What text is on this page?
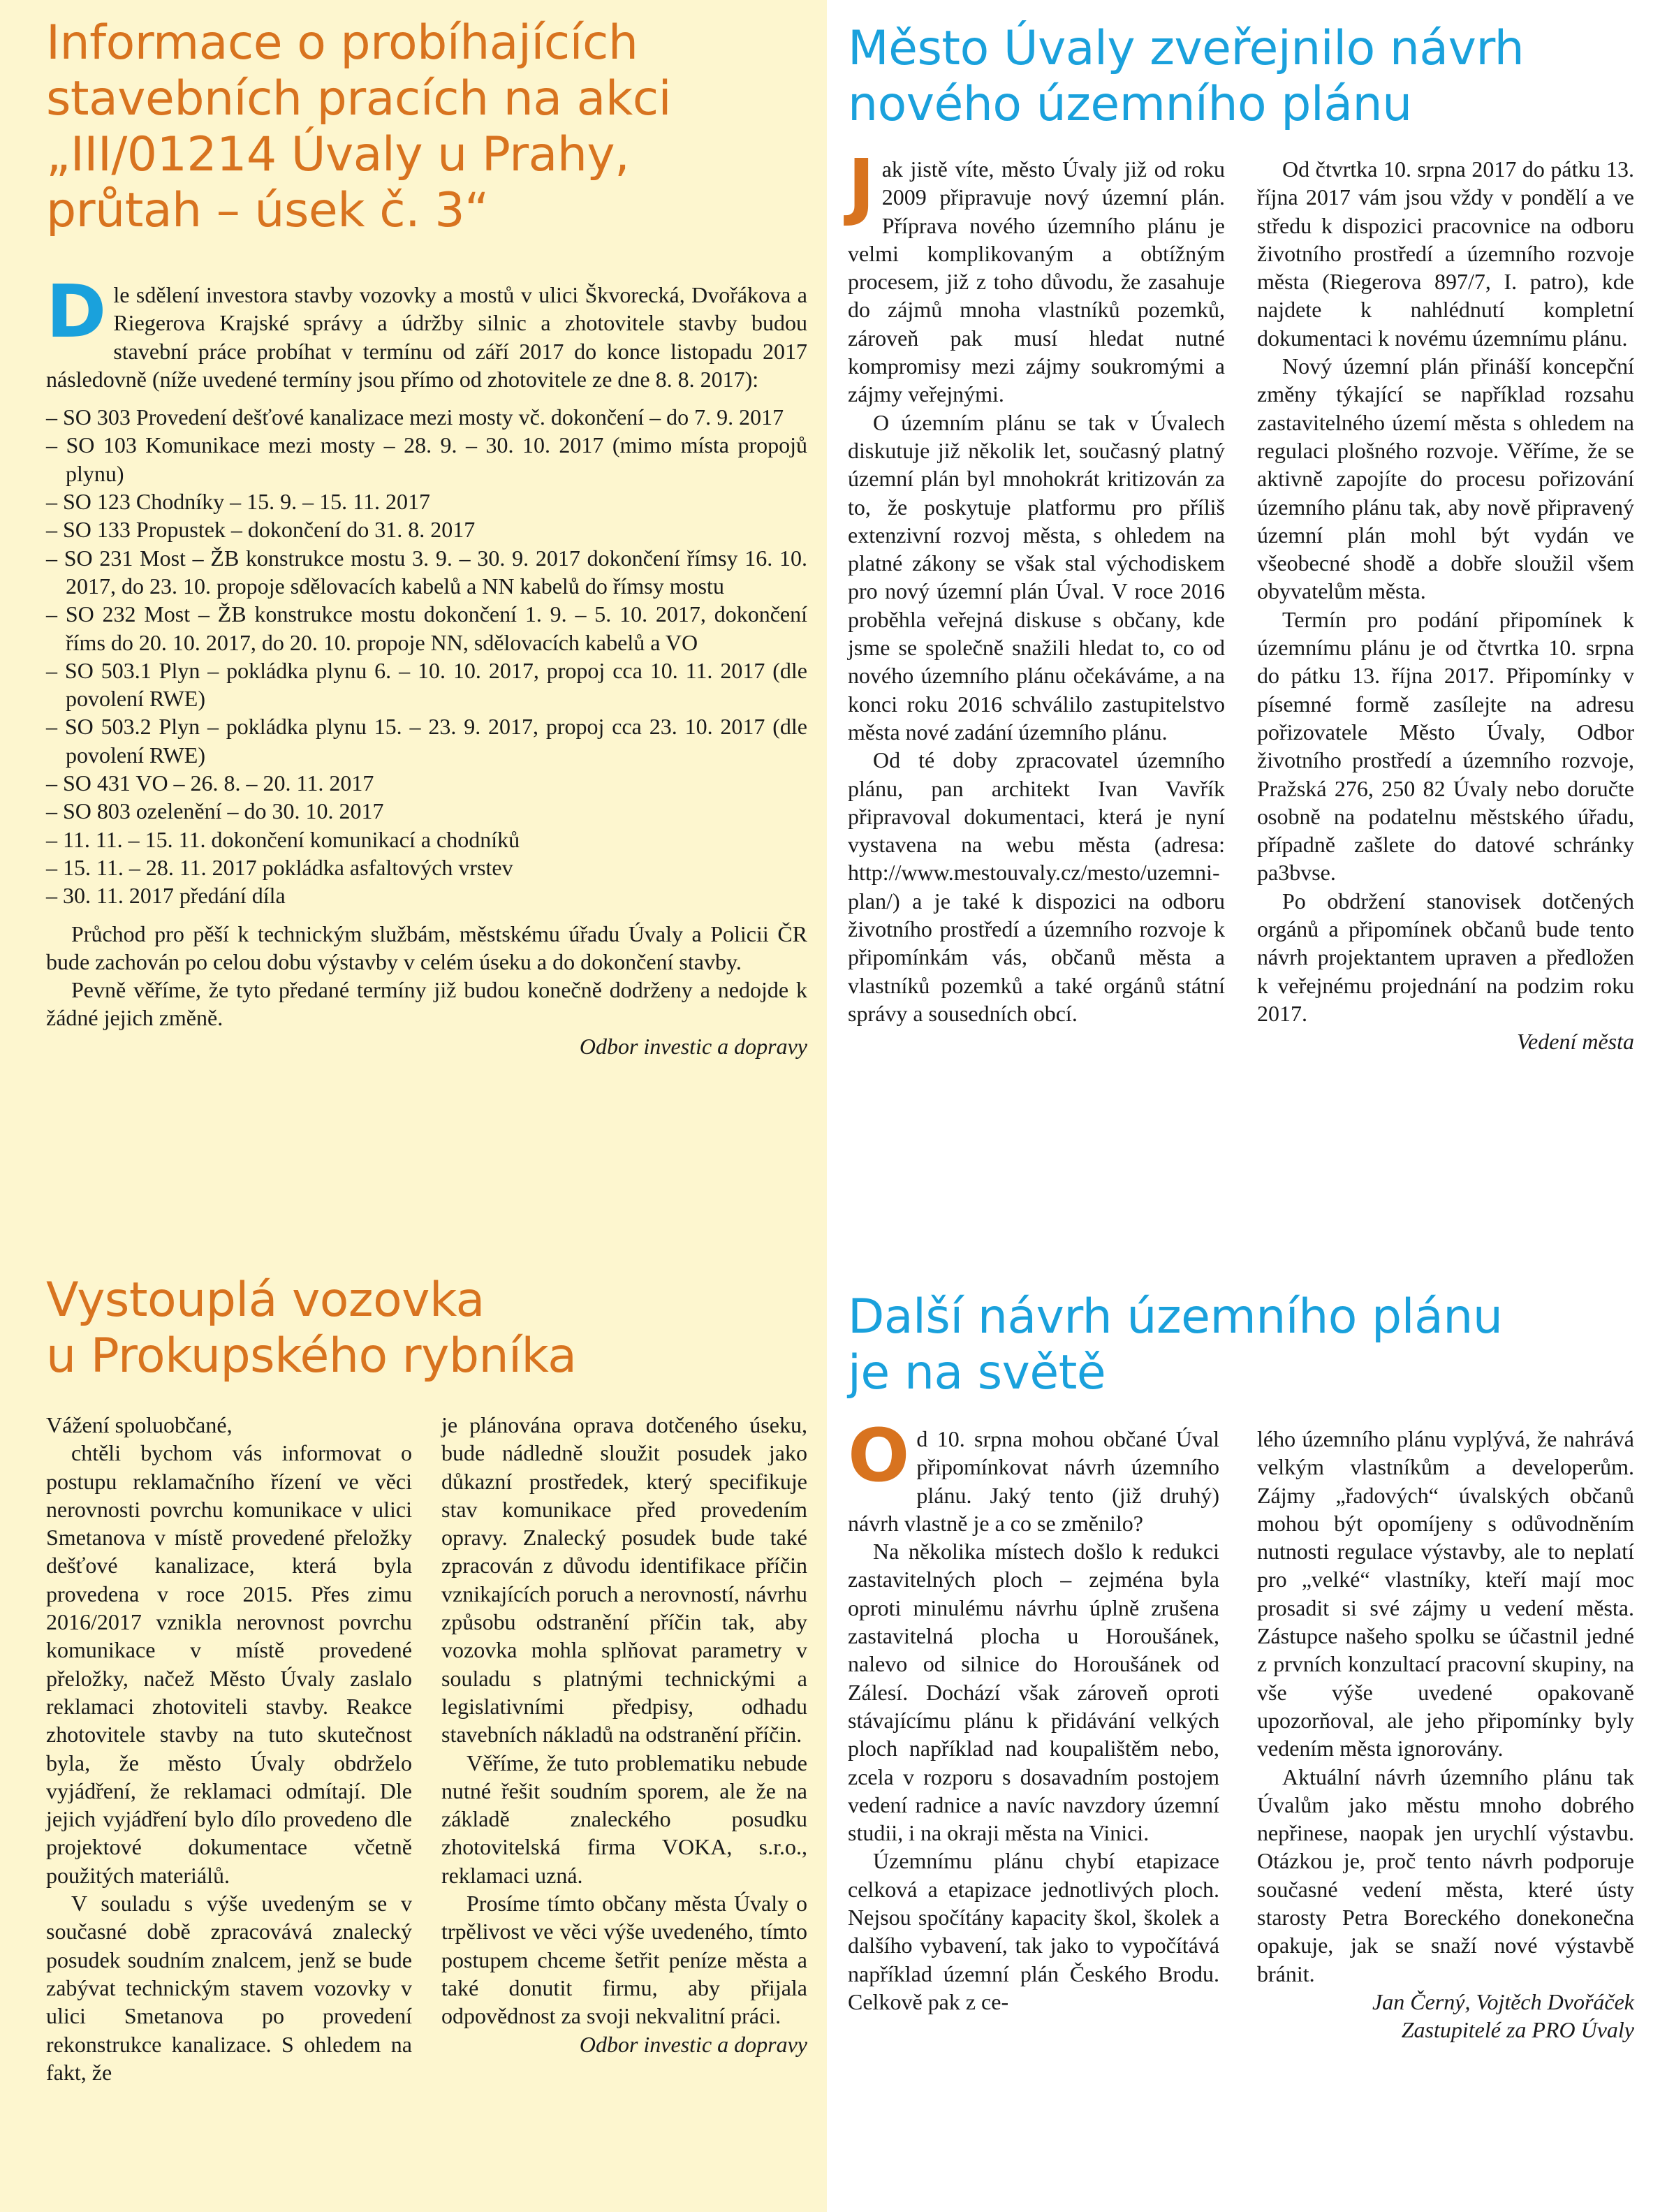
Informace o probíhajících
stavebních pracích na akci
„III/01214 Úvaly u Prahy,
průtah – úsek č. 3“

Dle sdělení investora stavby vozovky a mostů v ulici Škvorecká, Dvořákova a Riegerova Krajské správy a údržby silnic a zhotovitele stavby budou stavební práce probíhat v termínu od září 2017 do konce listopadu 2017 následovně (níže uvedené termíny jsou přímo od zhotovitele ze dne 8. 8. 2017):

– SO 303 Provedení dešťové kanalizace mezi mosty vč. dokončení – do 7. 9. 2017
– SO 103 Komunikace mezi mosty – 28. 9. – 30. 10. 2017 (mimo místa propojů plynu)
– SO 123 Chodníky – 15. 9. – 15. 11. 2017
– SO 133 Propustek – dokončení do 31. 8. 2017
– SO 231 Most – ŽB konstrukce mostu 3. 9. – 30. 9. 2017 dokončení římsy 16. 10. 2017, do 23. 10. propoje sdělovacích kabelů a NN kabelů do římsy mostu
– SO 232 Most – ŽB konstrukce mostu dokončení 1. 9. – 5. 10. 2017, dokončení říms do 20. 10. 2017, do 20. 10. propoje NN, sdělovacích kabelů a VO
– SO 503.1 Plyn – pokládka plynu 6. – 10. 10. 2017, propoj cca 10. 11. 2017 (dle povolení RWE)
– SO 503.2 Plyn – pokládka plynu 15. – 23. 9. 2017, propoj cca 23. 10. 2017 (dle povolení RWE)
– SO 431 VO – 26. 8. – 20. 11. 2017
– SO 803 ozelenění – do 30. 10. 2017
– 11. 11. – 15. 11. dokončení komunikací a chodníků
– 15. 11. – 28. 11. 2017 pokládka asfaltových vrstev
– 30. 11. 2017 předání díla

Průchod pro pěší k technickým službám, městskému úřadu Úvaly a Policii ČR bude zachován po celou dobu výstavby v celém úseku a do dokončení stavby.

Pevně věříme, že tyto předané termíny již budou konečně dodrženy a nedojde k žádné jejich změně.

Odbor investic a dopravy

Město Úvaly zveřejnilo návrh
nového územního plánu

Jak jistě víte, město Úvaly již od roku 2009 připravuje nový územní plán. Příprava nového územního plánu je velmi komplikovaným a obtížným procesem, již z toho důvodu, že zasahuje do zájmů mnoha vlastníků pozemků, zároveň pak musí hledat nutné kompromisy mezi zájmy soukromými a zájmy veřejnými.

O územním plánu se tak v Úvalech diskutuje již několik let, současný platný územní plán byl mnohokrát kritizován za to, že poskytuje platformu pro příliš extenzivní rozvoj města, s ohledem na platné zákony se však stal východiskem pro nový územní plán Úval. V roce 2016 proběhla veřejná diskuse s občany, kde jsme se společně snažili hledat to, co od nového územního plánu očekáváme, a na konci roku 2016 schválilo zastupitelstvo města nové zadání územního plánu.

Od té doby zpracovatel územního plánu, pan architekt Ivan Vavřík připravoval dokumentaci, která je nyní vystavena na webu města (adresa: http://www.mestouvaly.cz/mesto/uzemni-plan/) a je také k dispozici na odboru životního prostředí a územního rozvoje k připomínkám vás, občanů města a vlastníků pozemků a také orgánů státní správy a sousedních obcí.

Od čtvrtka 10. srpna 2017 do pátku 13. října 2017 vám jsou vždy v pondělí a ve středu k dispozici pracovnice na odboru životního prostředí a územního rozvoje města (Riegerova 897/7, I. patro), kde najdete k nahlédnutí kompletní dokumentaci k novému územnímu plánu.

Nový územní plán přináší koncepční změny týkající se například rozsahu zastavitelného území města s ohledem na regulaci plošného rozvoje. Věříme, že se aktivně zapojíte do procesu pořizování územního plánu tak, aby nově připravený územní plán mohl být vydán ve všeobecné shodě a dobře sloužil všem obyvatelům města.

Termín pro podání připomínek k územnímu plánu je od čtvrtka 10. srpna do pátku 13. října 2017. Připomínky v písemné formě zasílejte na adresu pořizovatele Město Úvaly, Odbor životního prostředí a územního rozvoje, Pražská 276, 250 82 Úvaly nebo doručte osobně na podatelnu městského úřadu, případně zašlete do datové schránky pa3bvse.

Po obdržení stanovisek dotčených orgánů a připomínek občanů bude tento návrh projektantem upraven a předložen k veřejnému projednání na podzim roku 2017.

Vedení města

Vystouplá vozovka
u Prokupského rybníka

Vážení spoluobčané,

chtěli bychom vás informovat o postupu reklamačního řízení ve věci nerovnosti povrchu komunikace v ulici Smetanova v místě provedené přeložky dešťové kanalizace, která byla provedena v roce 2015. Přes zimu 2016/2017 vznikla nerovnost povrchu komunikace v místě provedené přeložky, načež Město Úvaly zaslalo reklamaci zhotoviteli stavby. Reakce zhotovitele stavby na tuto skutečnost byla, že město Úvaly obdrželo vyjádření, že reklamaci odmítají. Dle jejich vyjádření bylo dílo provedeno dle projektové dokumentace včetně použitých materiálů.

V souladu s výše uvedeným se v současné době zpracovává znalecký posudek soudním znalcem, jenž se bude zabývat technickým stavem vozovky v ulici Smetanova po provedení rekonstrukce kanalizace. S ohledem na fakt, že

je plánována oprava dotčeného úseku, bude nádledně sloužit posudek jako důkazní prostředek, který specifikuje stav komunikace před provedením opravy. Znalecký posudek bude také zpracován z důvodu identifikace příčin vznikajících poruch a nerovností, návrhu způsobu odstranění příčin tak, aby vozovka mohla splňovat parametry v souladu s platnými technickými a legislativními předpisy, odhadu stavebních nákladů na odstranění příčin.

Věříme, že tuto problematiku nebude nutné řešit soudním sporem, ale že na základě znaleckého posudku zhotovitelská firma VOKA, s.r.o., reklamaci uzná.

Prosíme tímto občany města Úvaly o trpělivost ve věci výše uvedeného, tímto postupem chceme šetřit peníze města a také donutit firmu, aby přijala odpovědnost za svoji nekvalitní práci.

Odbor investic a dopravy

Další návrh územního plánu
je na světě

Od 10. srpna mohou občané Úval připomínkovat návrh územního plánu. Jaký tento (již druhý) návrh vlastně je a co se změnilo?

Na několika místech došlo k redukci zastavitelných ploch – zejména byla oproti minulému návrhu úplně zrušena zastavitelná plocha u Horoušánek, nalevo od silnice do Horoušánek od Zálesí. Dochází však zároveň oproti stávajícímu plánu k přidávání velkých ploch například nad koupalištěm nebo, zcela v rozporu s dosavadním postojem vedení radnice a navíc navzdory územní studii, i na okraji města na Vinici.

Územnímu plánu chybí etapizace celková a etapizace jednotlivých ploch. Nejsou spočítány kapacity škol, školek a dalšího vybavení, tak jako to vypočítává například územní plán Českého Brodu. Celkově pak z ce-

lého územního plánu vyplývá, že nahrává velkým vlastníkům a developerům. Zájmy „řadových“ úvalských občanů mohou být opomíjeny s odůvodněním nutnosti regulace výstavby, ale to neplatí pro „velké“ vlastníky, kteří mají moc prosadit si své zájmy u vedení města. Zástupce našeho spolku se účastnil jedné z prvních konzultací pracovní skupiny, na vše výše uvedené opakovaně upozorňoval, ale jeho připomínky byly vedením města ignorovány.

Aktuální návrh územního plánu tak Úvalům jako městu mnoho dobrého nepřinese, naopak jen urychlí výstavbu. Otázkou je, proč tento návrh podporuje současné vedení města, které ústy starosty Petra Boreckého donekonečna opakuje, jak se snaží nové výstavbě bránit.

Jan Černý, Vojtěch Dvořáček

Zastupitelé za PRO Úvaly
